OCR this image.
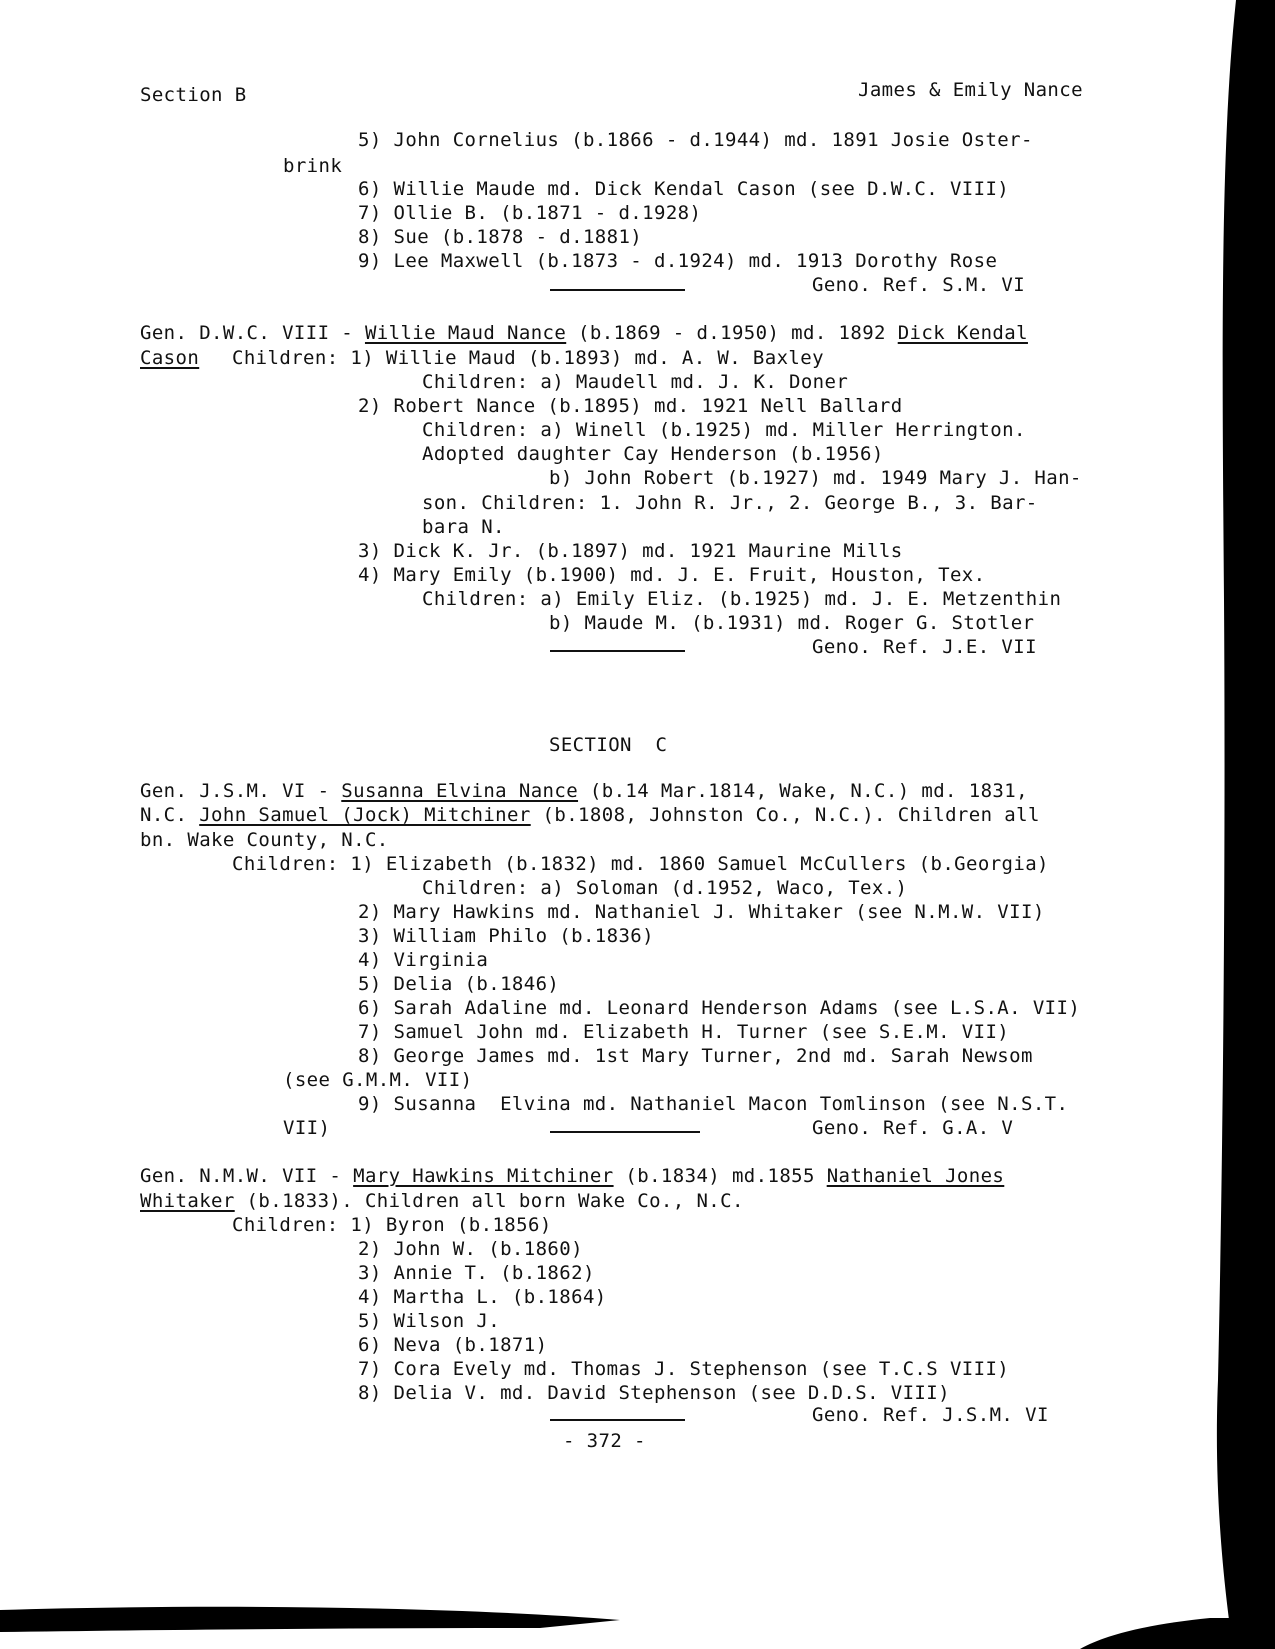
Section B	James & Emily Nance
5) John Cornelius (b.1866 - d.1944) md. 1891 Josie Oster-
brink
6) Willie Maude md. Dick Kendal Cason (see D.W.C. VIII)
7) Ollie B. (b.1871 - d.1928)
8) Sue (b.1878 - d.1881)
9) Lee Maxwell (b.1873 - d.1924) md. 1913 Dorothy Rose
Geno. Ref. S.M. VI
Gen. D.W.C. VIII - Willie Maud Nance (b.1869 - d.1950) md. 1892 Dick Kendal
Cason Children: 1) Willie Maud (b.1893) md. A. W. Baxley
Children: a) Maudell md. J. K. Doner
2) Robert Nance (b.1895) md. 1921 Nell Ballard
Children: a) Winell (b.1925) md. Miller Herrington.
Adopted daughter Cay Henderson (b.1956)
b) John Robert (b.1927) md. 1949 Mary J. Han-
son. Children: 1. John R. Jr., 2. George B., 3. Bar-
bara N.
3) Dick K. Jr. (b.1897) md. 1921 Maurine Mills
4) Mary Emily (b.1900) md. J. E. Fruit, Houston, Tex.
Children: a) Emily Eliz. (b.1925) md. J. E. Metzenthin
b) Maude M. (b.1931) md. Roger G. Stotler
Geno. Ref. J.E. VII
SECTION  C
Gen. J.S.M. VI - Susanna Elvina Nance (b.14 Mar.1814, Wake, N.C.) md. 1831,
N.C. John Samuel (Jock) Mitchiner (b.1808, Johnston Co., N.C.). Children all
bn. Wake County, N.C.
Children: 1) Elizabeth (b.1832) md. 1860 Samuel McCullers (b.Georgia)
Children: a) Soloman (d.1952, Waco, Tex.)
2) Mary Hawkins md. Nathaniel J. Whitaker (see N.M.W. VII)
3) William Philo (b.1836)
4) Virginia
5) Delia (b.1846)
6) Sarah Adaline md. Leonard Henderson Adams (see L.S.A. VII)
7) Samuel John md. Elizabeth H. Turner (see S.E.M. VII)
8) George James md. 1st Mary Turner, 2nd md. Sarah Newsom
(see G.M.M. VII)
9) Susanna  Elvina md. Nathaniel Macon Tomlinson (see N.S.T.
VII)	Geno. Ref. G.A. V
Gen. N.M.W. VII - Mary Hawkins Mitchiner (b.1834) md.1855 Nathaniel Jones
Whitaker (b.1833). Children all born Wake Co., N.C.
Children: 1) Byron (b.1856)
2) John W. (b.1860)
3) Annie T. (b.1862)
4) Martha L. (b.1864)
5) Wilson J.
6) Neva (b.1871)
7) Cora Evely md. Thomas J. Stephenson (see T.C.S VIII)
8) Delia V. md. David Stephenson (see D.D.S. VIII)
Geno. Ref. J.S.M. VI
- 372 -
